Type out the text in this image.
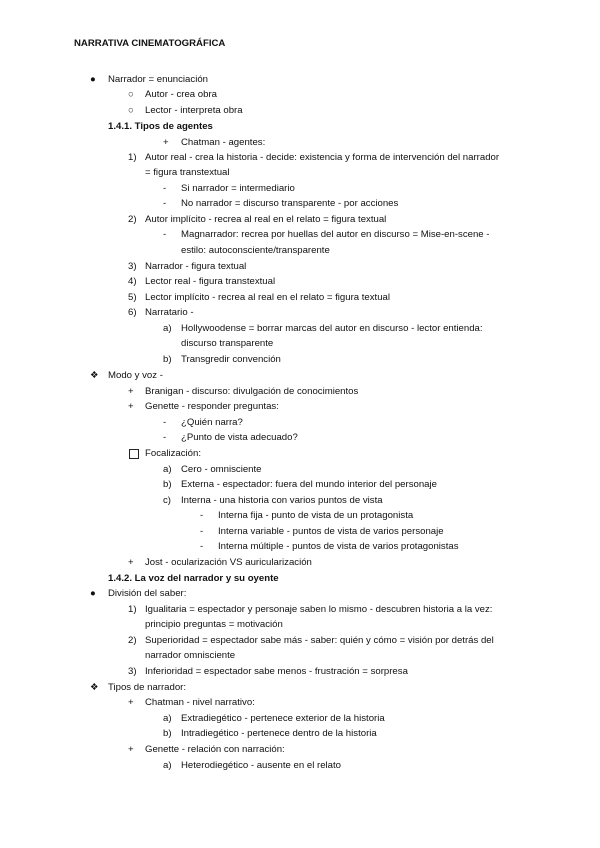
NARRATIVA CINEMATOGRÁFICA
● Narrador = enunciación
○ Autor - crea obra
○ Lector - interpreta obra
1.4.1. Tipos de agentes
+ Chatman - agentes:
1) Autor real - crea la historia - decide: existencia y forma de intervención del narrador
= figura transtextual
- Si narrador = intermediario
- No narrador = discurso transparente - por acciones
2) Autor implícito - recrea al real en el relato = figura textual
- Magnarrador: recrea por huellas del autor en discurso = Mise-en-scene -
estilo: autoconsciente/transparente
3) Narrador - figura textual
4) Lector real - figura transtextual
5) Lector implícito - recrea al real en el relato = figura textual
6) Narratario -
a) Hollywoodense = borrar marcas del autor en discurso - lector entienda:
discurso transparente
b) Transgredir convención
❖ Modo y voz -
+ Branigan - discurso: divulgación de conocimientos
+ Genette - responder preguntas:
- ¿Quién narra?
- ¿Punto de vista adecuado?
Focalización:
a) Cero - omnisciente
b) Externa - espectador: fuera del mundo interior del personaje
c) Interna - una historia con varios puntos de vista
- Interna fija - punto de vista de un protagonista
- Interna variable - puntos de vista de varios personaje
- Interna múltiple - puntos de vista de varios protagonistas
+ Jost - ocularización VS auricularización
1.4.2. La voz del narrador y su oyente
● División del saber:
1) Igualitaria = espectador y personaje saben lo mismo - descubren historia a la vez:
principio preguntas = motivación
2) Superioridad = espectador sabe más - saber: quién y cómo = visión por detrás del
narrador omnisciente
3) Inferioridad = espectador sabe menos - frustración = sorpresa
❖ Tipos de narrador:
+ Chatman - nivel narrativo:
a) Extradiegético - pertenece exterior de la historia
b) Intradiegético - pertenece dentro de la historia
+ Genette - relación con narración:
a) Heterodiegético - ausente en el relato
